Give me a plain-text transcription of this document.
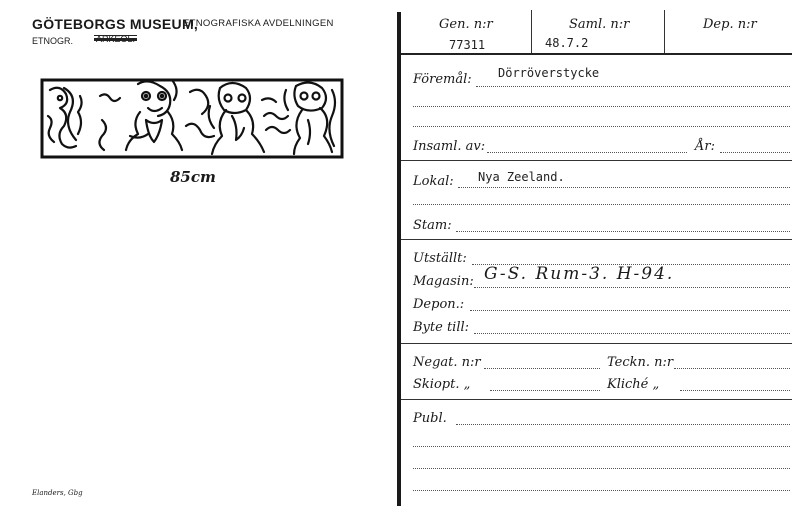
GÖTEBORGS MUSEUM,
ETNOGRAFISKA AVDELNINGEN
ETNOGR.
85cm
Elanders, Gbg
Gen. n:r
77311
Saml. n:r
48.7.2
Dep. n:r
Föremål: Dörröverstycke
Insaml. av:	År:
Lokal: Nya Zeeland.
Stam:
Utställt:
Magasin: G-S. Rum-3. H-94.
Depon.:
Byte till:
Negat. n:r	Teckn. n:r
Skiopt. „	Kliché „
Publ.
